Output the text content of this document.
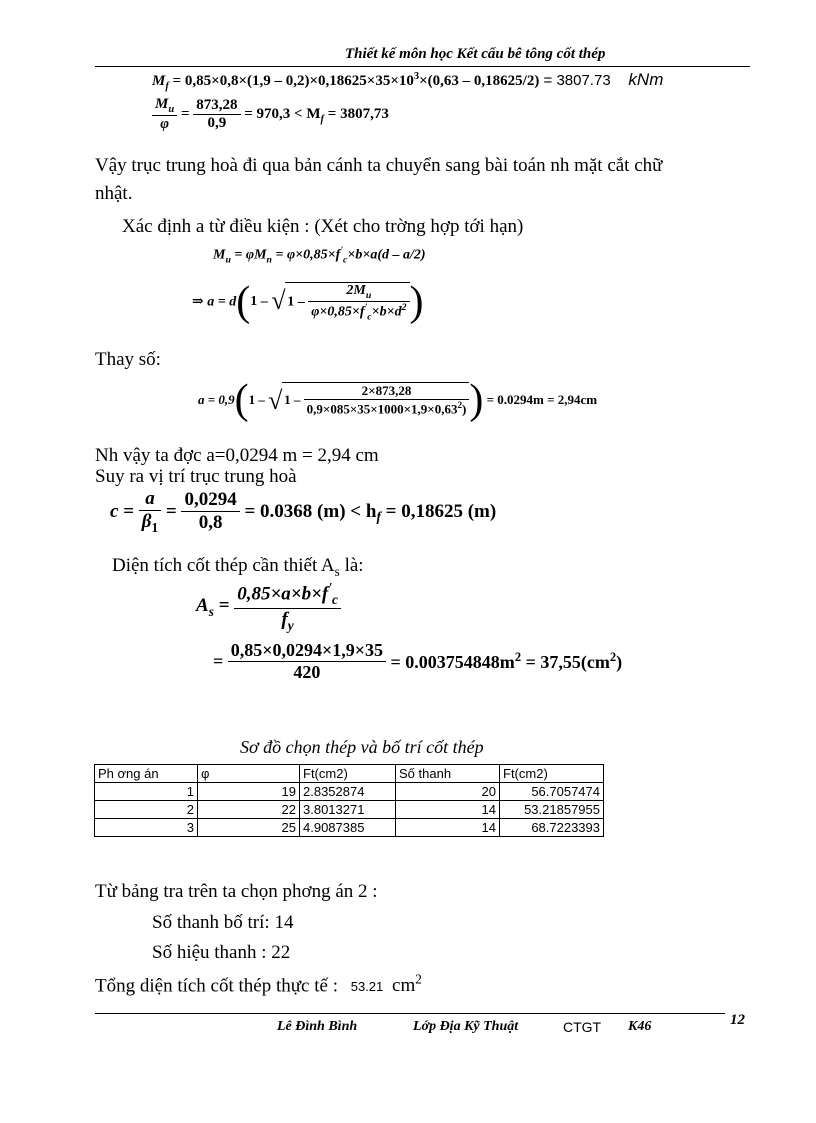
Thiết kế môn học Kết cấu bê tông cốt thép
$M_f = 0,85\times 0,8\times(1,9 - 0,2)\times 0,18625\times 35\times 10^3\times(0,63 - 0,18625/2) = 3807.73$ kNm
$\frac{M_u}{\varphi} = \frac{873,28}{0,9} = 970,3 < M_f = 3807,73$
Vậy trục trung hoà đi qua bản cánh ta chuyển sang bài toán nh mặt cắt chữ
nhật.
Xác định a từ điều kiện : (Xét cho trờng hợp tới hạn)
$M_u = \varphi M_n = \varphi\times 0,85\times f'_c\times b\times a(d - a/2)$
⇒ a = d(1 – √ $1 - \frac{2M_u}{\varphi\times 0,85\times f'_c\times b\times d^2}$ )
Thay số:
a = 0,9(1 – √ $1 - \frac{2\times 873,28}{0,9\times 085\times 35\times 1000\times 1,9\times 0,63^2)}$ ) = 0.0294m = 2,94cm
Nh vậy ta đợc a=0,0294 m = 2,94 cm
Suy ra vị trí trục trung hoà
$c = \frac{a}{\beta_1} = \frac{0,0294}{0,8} = 0.0368$ $(m) < h_f = 0,18625$ (m)
Diện tích cốt thép cần thiết $A_s$ là:
$A_s = \frac{0,85\times a\times b\times f'_c}{f_y}$
= $\frac{0,85\times 0,0294\times 1,9\times 35}{420} = 0.003754848m^2 = 37,55(cm^2)$
Sơ đồ chọn thép và bố trí cốt thép
Ph ơng án	φ	Ft(cm2)	Số thanh	Ft(cm2)
1	19	2.8352874	20	56.7057474
2	22	3.8013271	14	53.21857955
3	25	4.9087385	14	68.7223393
Từ bảng tra trên ta chọn phơng án 2 :
Số thanh bố trí: 14
Số hiệu thanh : 22
Tổng diện tích cốt thép thực tế : 53.21 $cm^2$
Lê Đình Bình	Lớp Địa Kỹ Thuật	CTGT K46	12
